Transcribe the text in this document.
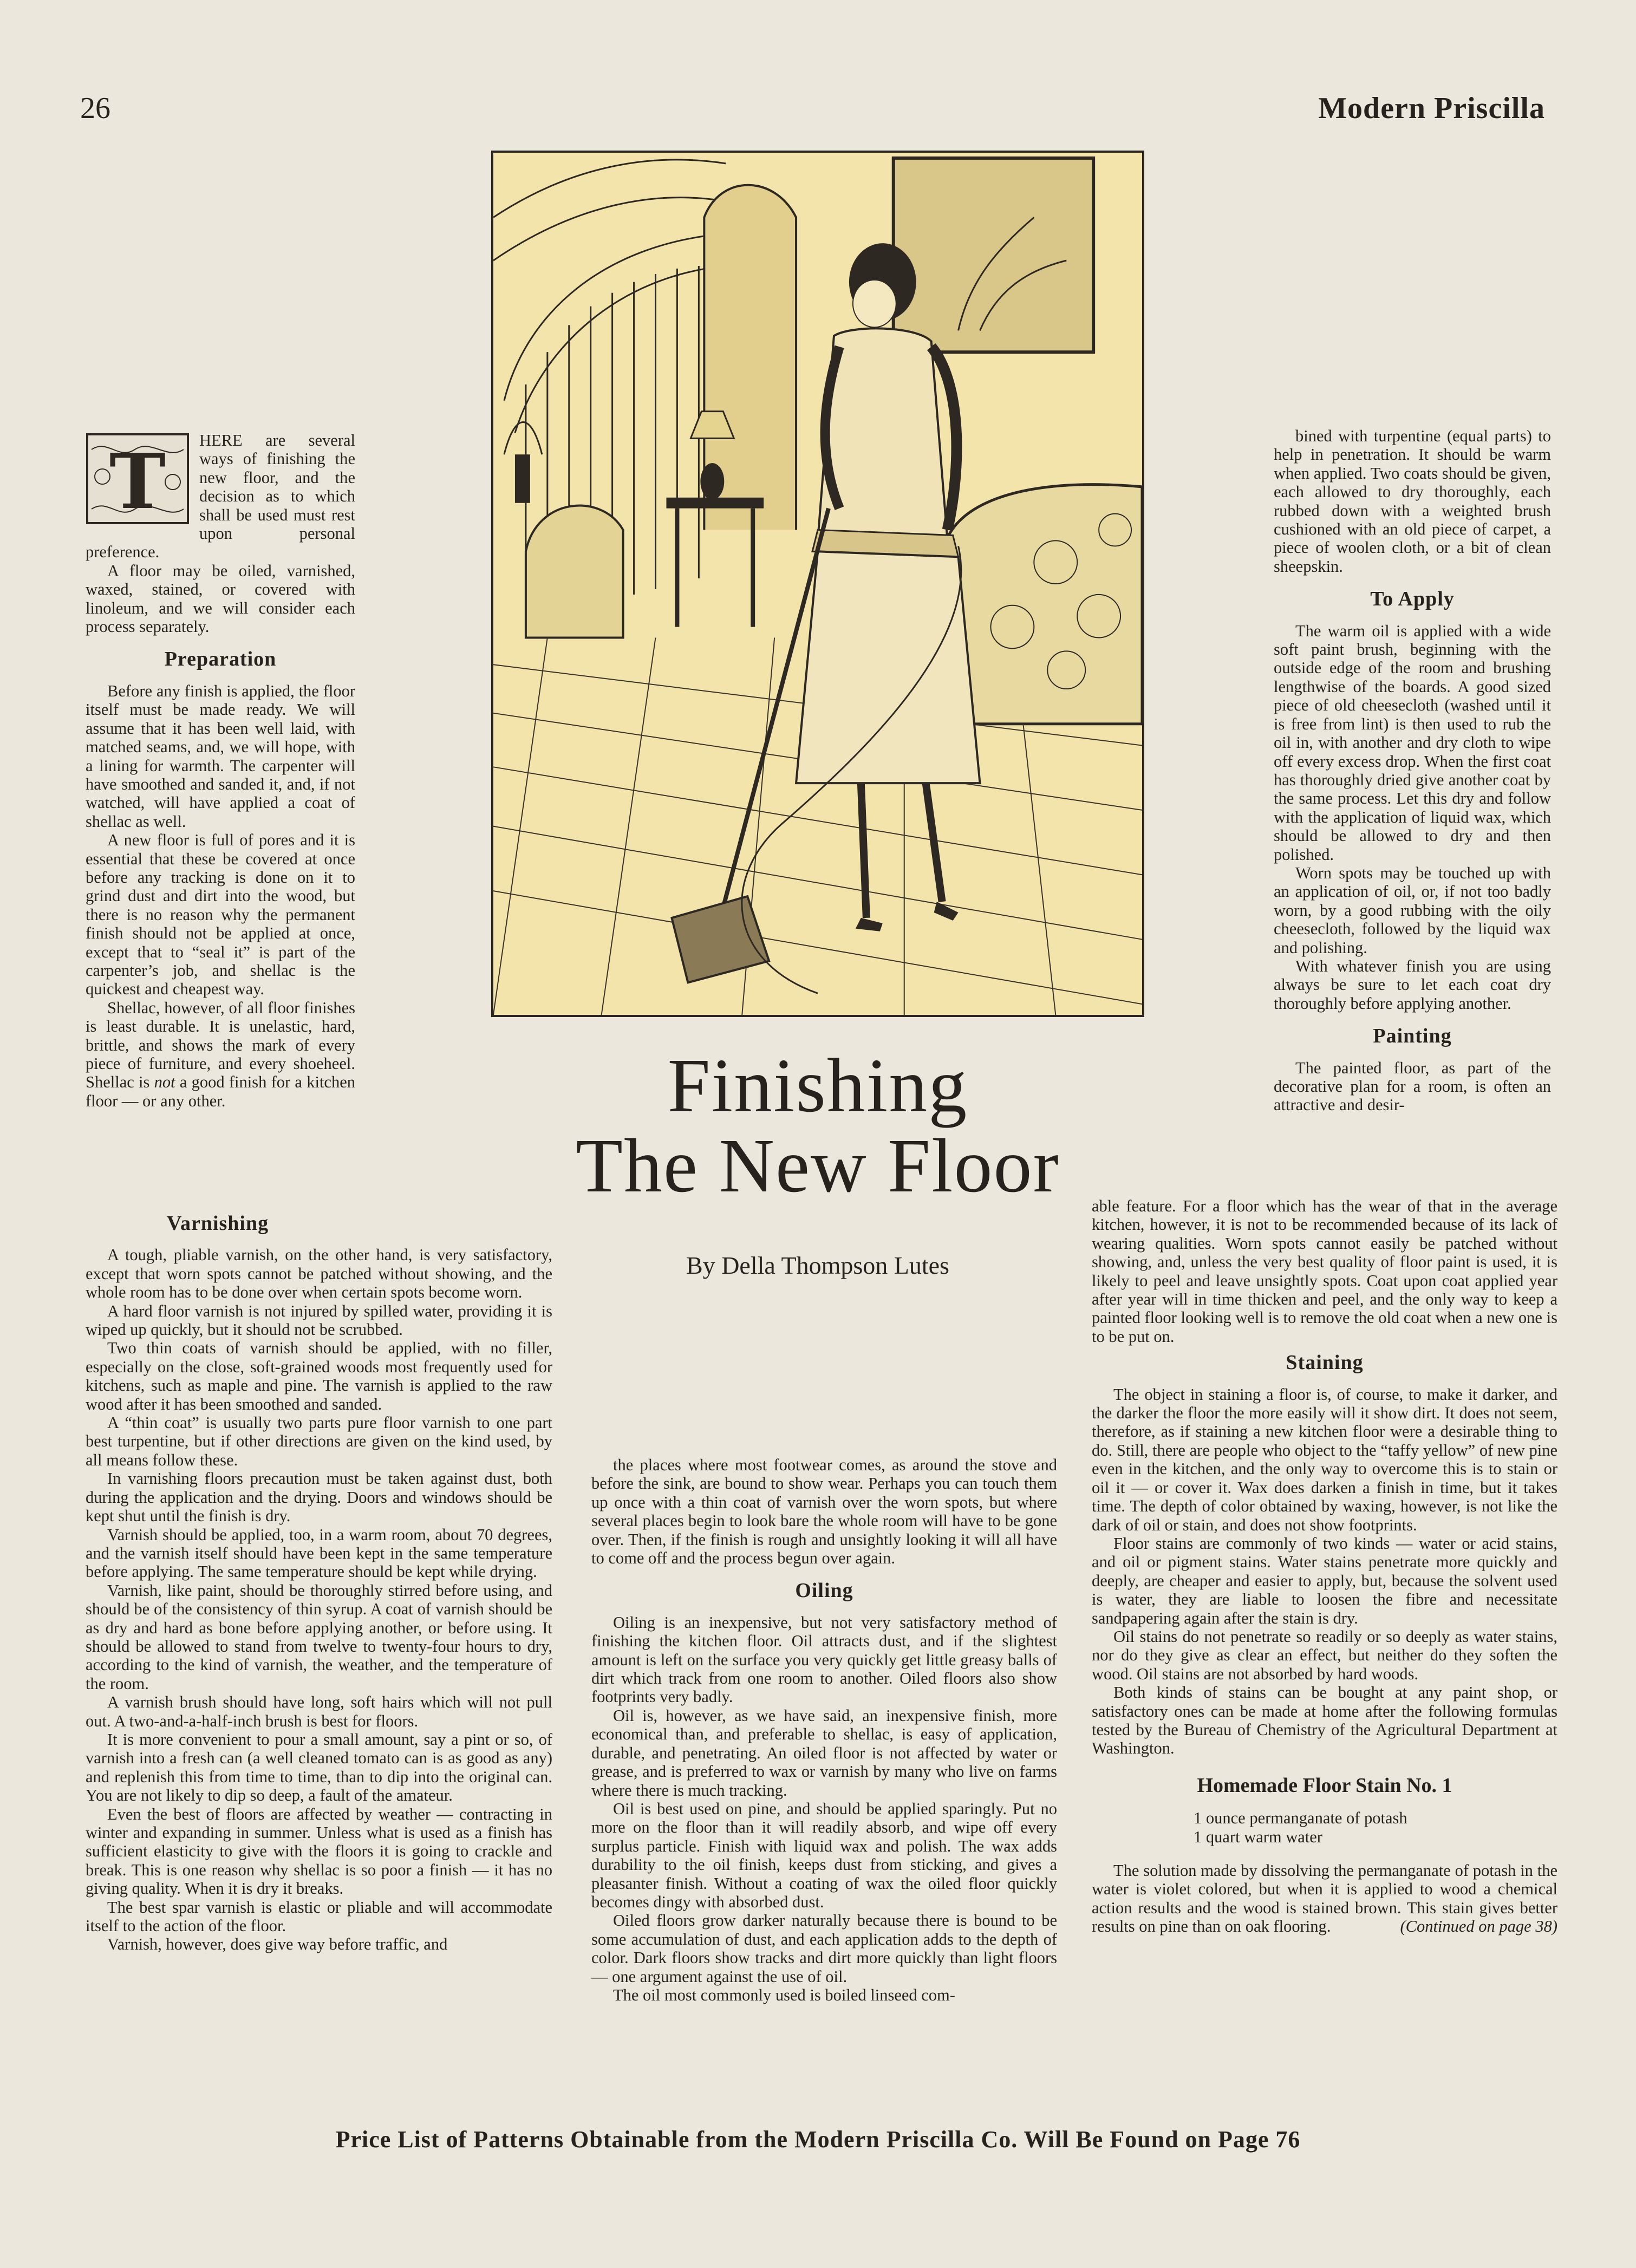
26	Modern Priscilla
Finishing
The New Floor
By Della Thompson Lutes
T	HERE are several ways of finishing the new floor, and the decision as to which shall be used must rest upon personal preference.

A floor may be oiled, varnished, waxed, stained, or covered with linoleum, and we will consider each process separately.

Preparation

Before any finish is applied, the floor itself must be made ready. We will assume that it has been well laid, with matched seams, and, we will hope, with a lining for warmth. The carpenter will have smoothed and sanded it, and, if not watched, will have applied a coat of shellac as well.

A new floor is full of pores and it is essential that these be covered at once before any tracking is done on it to grind dust and dirt into the wood, but there is no reason why the permanent finish should not be applied at once, except that to “seal it” is part of the carpenter’s job, and shellac is the quickest and cheapest way.

Shellac, however, of all floor finishes is least durable. It is unelastic, hard, brittle, and shows the mark of every piece of furniture, and every shoeheel. Shellac is not a good finish for a kitchen floor — or any other.

Varnishing

A tough, pliable varnish, on the other hand, is very satisfactory, except that worn spots cannot be patched without showing, and the whole room has to be done over when certain spots become worn.

A hard floor varnish is not injured by spilled water, providing it is wiped up quickly, but it should not be scrubbed.

Two thin coats of varnish should be applied, with no filler, especially on the close, soft-grained woods most frequently used for kitchens, such as maple and pine. The varnish is applied to the raw wood after it has been smoothed and sanded.

A “thin coat” is usually two parts pure floor varnish to one part best turpentine, but if other directions are given on the kind used, by all means follow these.

In varnishing floors precaution must be taken against dust, both during the application and the drying. Doors and windows should be kept shut until the finish is dry.

Varnish should be applied, too, in a warm room, about 70 degrees, and the varnish itself should have been kept in the same temperature before applying. The same temperature should be kept while drying.

Varnish, like paint, should be thoroughly stirred before using, and should be of the consistency of thin syrup. A coat of varnish should be as dry and hard as bone before applying another, or before using. It should be allowed to stand from twelve to twenty-four hours to dry, according to the kind of varnish, the weather, and the temperature of the room.

A varnish brush should have long, soft hairs which will not pull out. A two-and-a-half-inch brush is best for floors.

It is more convenient to pour a small amount, say a pint or so, of varnish into a fresh can (a well cleaned tomato can is as good as any) and replenish this from time to time, than to dip into the original can. You are not likely to dip so deep, a fault of the amateur.

Even the best of floors are affected by weather — contracting in winter and expanding in summer. Unless what is used as a finish has sufficient elasticity to give with the floors it is going to crackle and break. This is one reason why shellac is so poor a finish — it has no giving quality. When it is dry it breaks.

The best spar varnish is elastic or pliable and will accommodate itself to the action of the floor.

Varnish, however, does give way before traffic, and

the places where most footwear comes, as around the stove and before the sink, are bound to show wear. Perhaps you can touch them up once with a thin coat of varnish over the worn spots, but where several places begin to look bare the whole room will have to be gone over. Then, if the finish is rough and unsightly looking it will all have to come off and the process begun over again.

Oiling

Oiling is an inexpensive, but not very satisfactory method of finishing the kitchen floor. Oil attracts dust, and if the slightest amount is left on the surface you very quickly get little greasy balls of dirt which track from one room to another. Oiled floors also show footprints very badly.

Oil is, however, as we have said, an inexpensive finish, more economical than, and preferable to shellac, is easy of application, durable, and penetrating. An oiled floor is not affected by water or grease, and is preferred to wax or varnish by many who live on farms where there is much tracking.

Oil is best used on pine, and should be applied sparingly. Put no more on the floor than it will readily absorb, and wipe off every surplus particle. Finish with liquid wax and polish. The wax adds durability to the oil finish, keeps dust from sticking, and gives a pleasanter finish. Without a coating of wax the oiled floor quickly becomes dingy with absorbed dust.

Oiled floors grow darker naturally because there is bound to be some accumulation of dust, and each application adds to the depth of color. Dark floors show tracks and dirt more quickly than light floors — one argument against the use of oil.

The oil most commonly used is boiled linseed com-

bined with turpentine (equal parts) to help in penetration. It should be warm when applied. Two coats should be given, each allowed to dry thoroughly, each rubbed down with a weighted brush cushioned with an old piece of carpet, a piece of woolen cloth, or a bit of clean sheepskin.

To Apply

The warm oil is applied with a wide soft paint brush, beginning with the outside edge of the room and brushing lengthwise of the boards. A good sized piece of old cheesecloth (washed until it is free from lint) is then used to rub the oil in, with another and dry cloth to wipe off every excess drop. When the first coat has thoroughly dried give another coat by the same process. Let this dry and follow with the application of liquid wax, which should be allowed to dry and then polished.

Worn spots may be touched up with an application of oil, or, if not too badly worn, by a good rubbing with the oily cheesecloth, followed by the liquid wax and polishing.

With whatever finish you are using always be sure to let each coat dry thoroughly before applying another.

Painting

The painted floor, as part of the decorative plan for a room, is often an attractive and desir-

able feature. For a floor which has the wear of that in the average kitchen, however, it is not to be recommended because of its lack of wearing qualities. Worn spots cannot easily be patched without showing, and, unless the very best quality of floor paint is used, it is likely to peel and leave unsightly spots. Coat upon coat applied year after year will in time thicken and peel, and the only way to keep a painted floor looking well is to remove the old coat when a new one is to be put on.

Staining

The object in staining a floor is, of course, to make it darker, and the darker the floor the more easily will it show dirt. It does not seem, therefore, as if staining a new kitchen floor were a desirable thing to do. Still, there are people who object to the “taffy yellow” of new pine even in the kitchen, and the only way to overcome this is to stain or oil it — or cover it. Wax does darken a finish in time, but it takes time. The depth of color obtained by waxing, however, is not like the dark of oil or stain, and does not show footprints.

Floor stains are commonly of two kinds — water or acid stains, and oil or pigment stains. Water stains penetrate more quickly and deeply, are cheaper and easier to apply, but, because the solvent used is water, they are liable to loosen the fibre and necessitate sandpapering again after the stain is dry.

Oil stains do not penetrate so readily or so deeply as water stains, nor do they give as clear an effect, but neither do they soften the wood. Oil stains are not absorbed by hard woods.

Both kinds of stains can be bought at any paint shop, or satisfactory ones can be made at home after the following formulas tested by the Bureau of Chemistry of the Agricultural Department at Washington.

Homemade Floor Stain No. 1
1 ounce permanganate of potash
1 quart warm water

The solution made by dissolving the permanganate of potash in the water is violet colored, but when it is applied to wood a chemical action results and the wood is stained brown. This stain gives better results on pine than on oak flooring.	(Continued on page 38)

Price List of Patterns Obtainable from the Modern Priscilla Co. Will Be Found on Page 76
